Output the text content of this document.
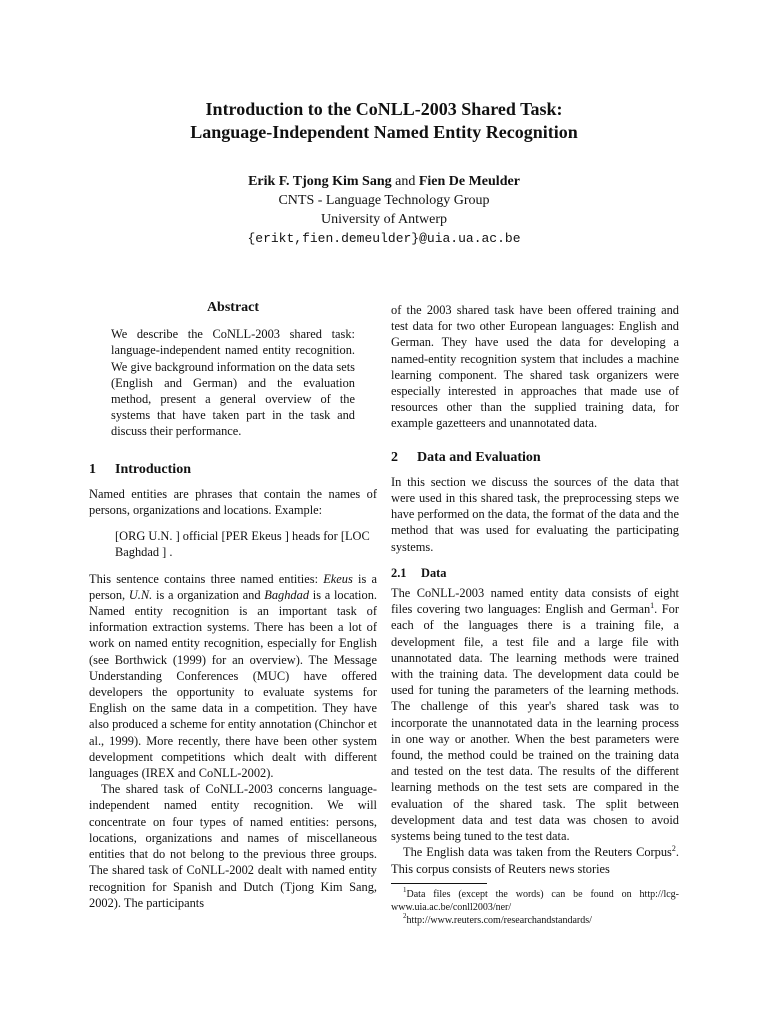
Introduction to the CoNLL-2003 Shared Task:
Language-Independent Named Entity Recognition
Erik F. Tjong Kim Sang and Fien De Meulder
CNTS - Language Technology Group
University of Antwerp
{erikt,fien.demeulder}@uia.ua.ac.be
Abstract

We describe the CoNLL-2003 shared task: language-independent named entity recognition. We give background information on the data sets (English and German) and the evaluation method, present a general overview of the systems that have taken part in the task and discuss their performance.

1 Introduction

Named entities are phrases that contain the names of persons, organizations and locations. Example:

[ORG U.N. ] official [PER Ekeus ] heads for [LOC Baghdad ] .

This sentence contains three named entities: Ekeus is a person, U.N. is a organization and Baghdad is a location. Named entity recognition is an important task of information extraction systems. There has been a lot of work on named entity recognition, especially for English (see Borthwick (1999) for an overview). The Message Understanding Conferences (MUC) have offered developers the opportunity to evaluate systems for English on the same data in a competition. They have also produced a scheme for entity annotation (Chinchor et al., 1999). More recently, there have been other system development competitions which dealt with different languages (IREX and CoNLL-2002).

The shared task of CoNLL-2003 concerns language-independent named entity recognition. We will concentrate on four types of named entities: persons, locations, organizations and names of miscellaneous entities that do not belong to the previous three groups. The shared task of CoNLL-2002 dealt with named entity recognition for Spanish and Dutch (Tjong Kim Sang, 2002). The participants

of the 2003 shared task have been offered training and test data for two other European languages: English and German. They have used the data for developing a named-entity recognition system that includes a machine learning component. The shared task organizers were especially interested in approaches that made use of resources other than the supplied training data, for example gazetteers and unannotated data.

2 Data and Evaluation

In this section we discuss the sources of the data that were used in this shared task, the preprocessing steps we have performed on the data, the format of the data and the method that was used for evaluating the participating systems.

2.1 Data

The CoNLL-2003 named entity data consists of eight files covering two languages: English and German$^1$. For each of the languages there is a training file, a development file, a test file and a large file with unannotated data. The learning methods were trained with the training data. The development data could be used for tuning the parameters of the learning methods. The challenge of this year's shared task was to incorporate the unannotated data in the learning process in one way or another. When the best parameters were found, the method could be trained on the training data and tested on the test data. The results of the different learning methods on the test sets are compared in the evaluation of the shared task. The split between development data and test data was chosen to avoid systems being tuned to the test data.

The English data was taken from the Reuters Corpus$^2$. This corpus consists of Reuters news stories

$^1$Data files (except the words) can be found on http://lcg-www.uia.ac.be/conll2003/ner/
$^2$http://www.reuters.com/researchandstandards/
